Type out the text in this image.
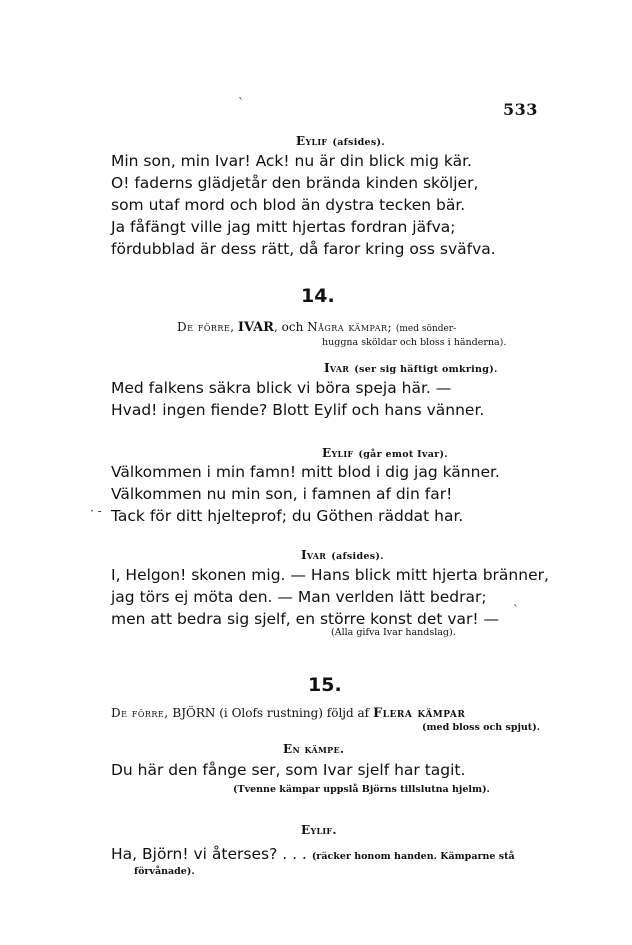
533
ˋ
· -
ˋ
Eylif (afsides).
Min son, min Ivar! Ack! nu är din blick mig kär.
O! faderns glädjetår den brända kinden sköljer,
som utaf mord och blod än dystra tecken bär.
Ja fåfängt ville jag mitt hjertas fordran jäfva;
fördubblad är dess rätt, då faror kring oss sväfva.
14.
De förre, IVAR, och Några kämpar; (med sönder-
huggna sköldar och bloss i händerna).
Ivar (ser sig häftigt omkring).
Med falkens säkra blick vi böra speja här. —
Hvad! ingen fiende? Blott Eylif och hans vänner.
Eylif (går emot Ivar).
Välkommen i min famn! mitt blod i dig jag känner.
Välkommen nu min son, i famnen af din far!
Tack för ditt hjelteprof; du Göthen räddat har.
Ivar (afsides).
I, Helgon! skonen mig. — Hans blick mitt hjerta bränner,
jag törs ej möta den. — Man verlden lätt bedrar;
men att bedra sig sjelf, en större konst det var! —
(Alla gifva Ivar handslag).
15.
De förre, BJÖRN (i Olofs rustning) följd af Flera kämpar
(med bloss och spjut).
En kämpe.
Du här den fånge ser, som Ivar sjelf har tagit.
(Tvenne kämpar uppslå Björns tillslutna hjelm).
Eylif.
Ha, Björn! vi återses? . . . (räcker honom handen. Kämparne stå
förvånade).
